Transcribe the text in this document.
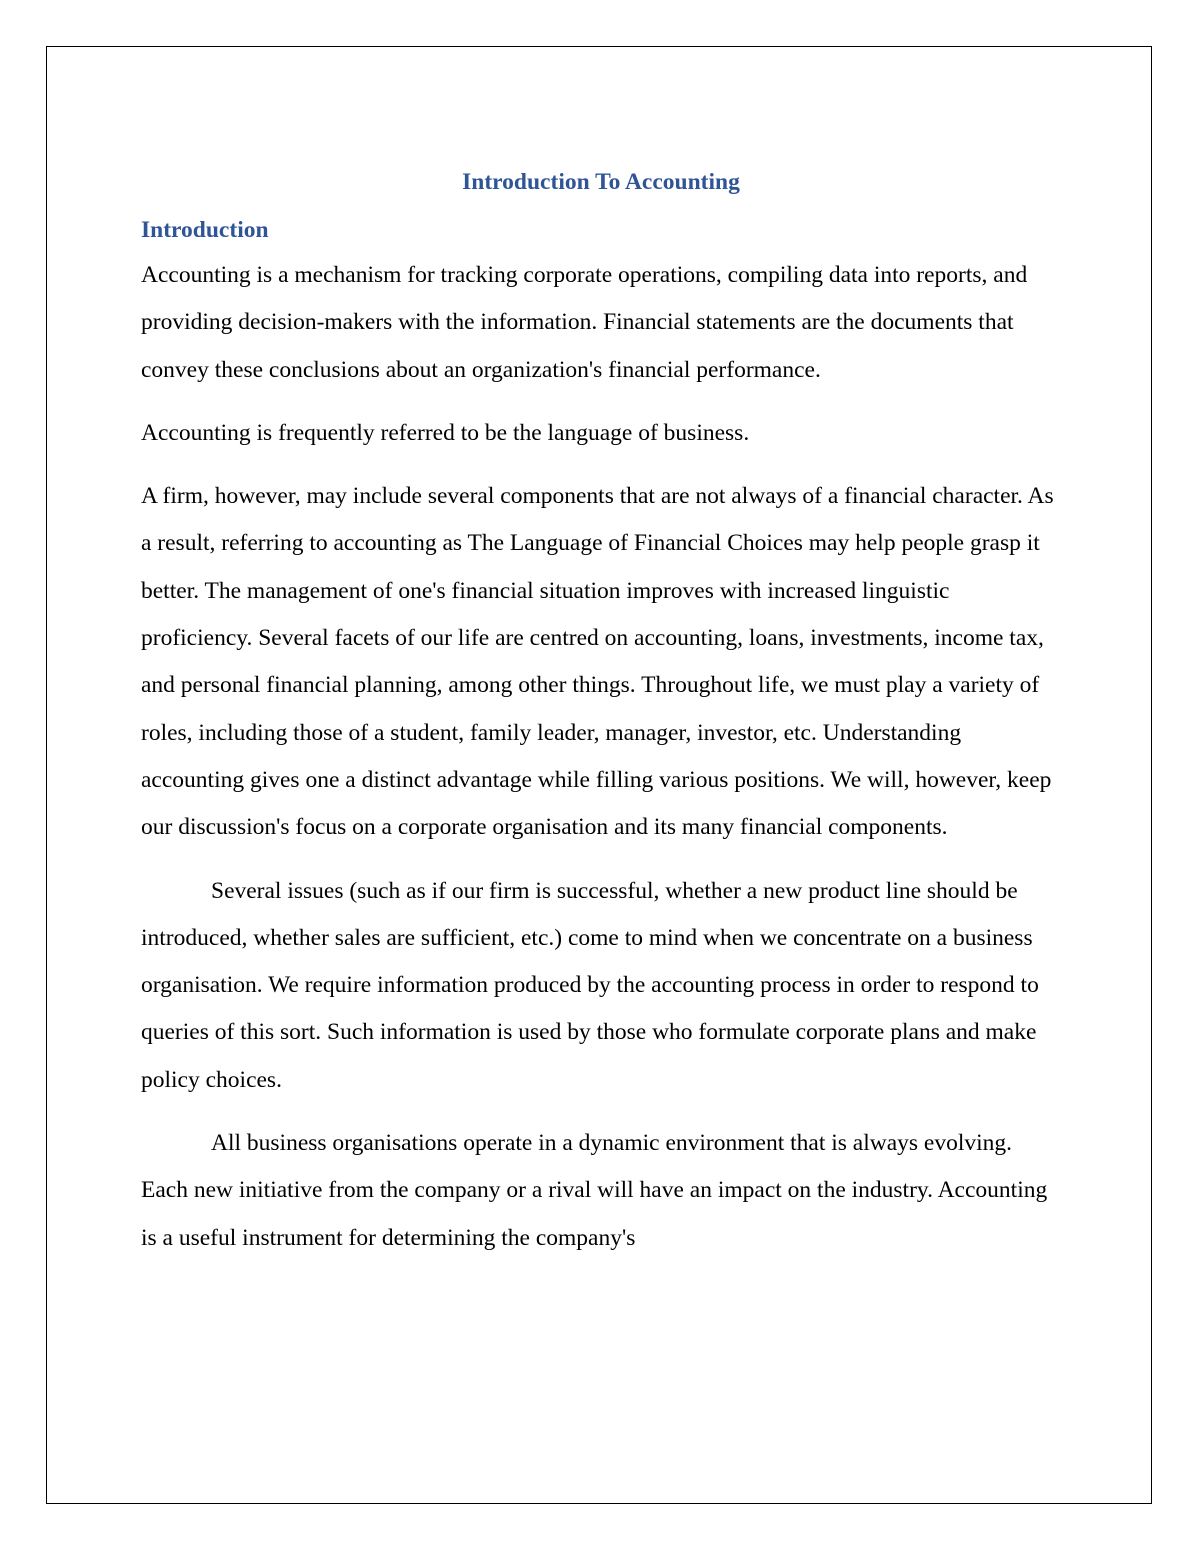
Introduction To Accounting
Introduction

Accounting is a mechanism for tracking corporate operations, compiling data into reports, and providing decision-makers with the information. Financial statements are the documents that convey these conclusions about an organization's financial performance.

Accounting is frequently referred to be the language of business.

A firm, however, may include several components that are not always of a financial character. As a result, referring to accounting as The Language of Financial Choices may help people grasp it better. The management of one's financial situation improves with increased linguistic proficiency. Several facets of our life are centred on accounting, loans, investments, income tax, and personal financial planning, among other things. Throughout life, we must play a variety of roles, including those of a student, family leader, manager, investor, etc. Understanding accounting gives one a distinct advantage while filling various positions. We will, however, keep our discussion's focus on a corporate organisation and its many financial components.

Several issues (such as if our firm is successful, whether a new product line should be introduced, whether sales are sufficient, etc.) come to mind when we concentrate on a business organisation. We require information produced by the accounting process in order to respond to queries of this sort. Such information is used by those who formulate corporate plans and make policy choices.

All business organisations operate in a dynamic environment that is always evolving. Each new initiative from the company or a rival will have an impact on the industry. Accounting is a useful instrument for determining the company's
